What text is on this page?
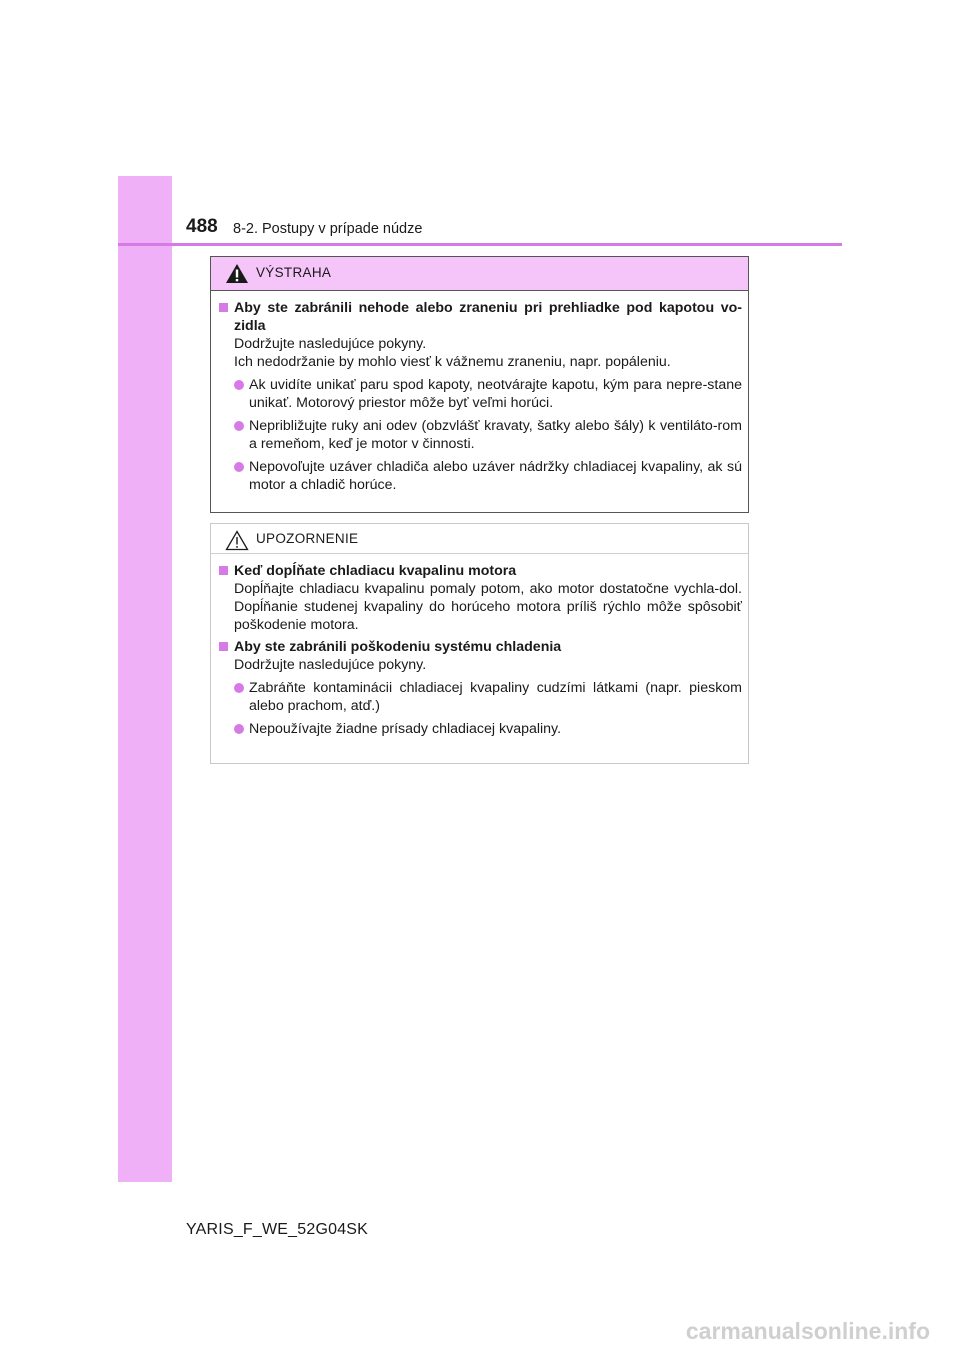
488 8-2. Postupy v prípade núdze
VÝSTRAHA
Aby ste zabránili nehode alebo zraneniu pri prehliadke pod kapotou vo-zidla
Dodržujte nasledujúce pokyny.
Ich nedodržanie by mohlo viesť k vážnemu zraneniu, napr. popáleniu.
Ak uvidíte unikať paru spod kapoty, neotvárajte kapotu, kým para nepre-stane unikať. Motorový priestor môže byť veľmi horúci.
Nepribližujte ruky ani odev (obzvlášť kravaty, šatky alebo šály) k ventiláto-rom a remeňom, keď je motor v činnosti.
Nepovoľujte uzáver chladiča alebo uzáver nádržky chladiacej kvapaliny, ak sú motor a chladič horúce.
UPOZORNENIE
Keď dopĺňate chladiacu kvapalinu motora
Dopĺňajte chladiacu kvapalinu pomaly potom, ako motor dostatočne vychla-dol. Dopĺňanie studenej kvapaliny do horúceho motora príliš rýchlo môže spôsobiť poškodenie motora.
Aby ste zabránili poškodeniu systému chladenia
Dodržujte nasledujúce pokyny.
Zabráňte kontaminácii chladiacej kvapaliny cudzími látkami (napr. pieskom alebo prachom, atď.)
Nepoužívajte žiadne prísady chladiacej kvapaliny.
YARIS_F_WE_52G04SK
carmanualsonline.info
